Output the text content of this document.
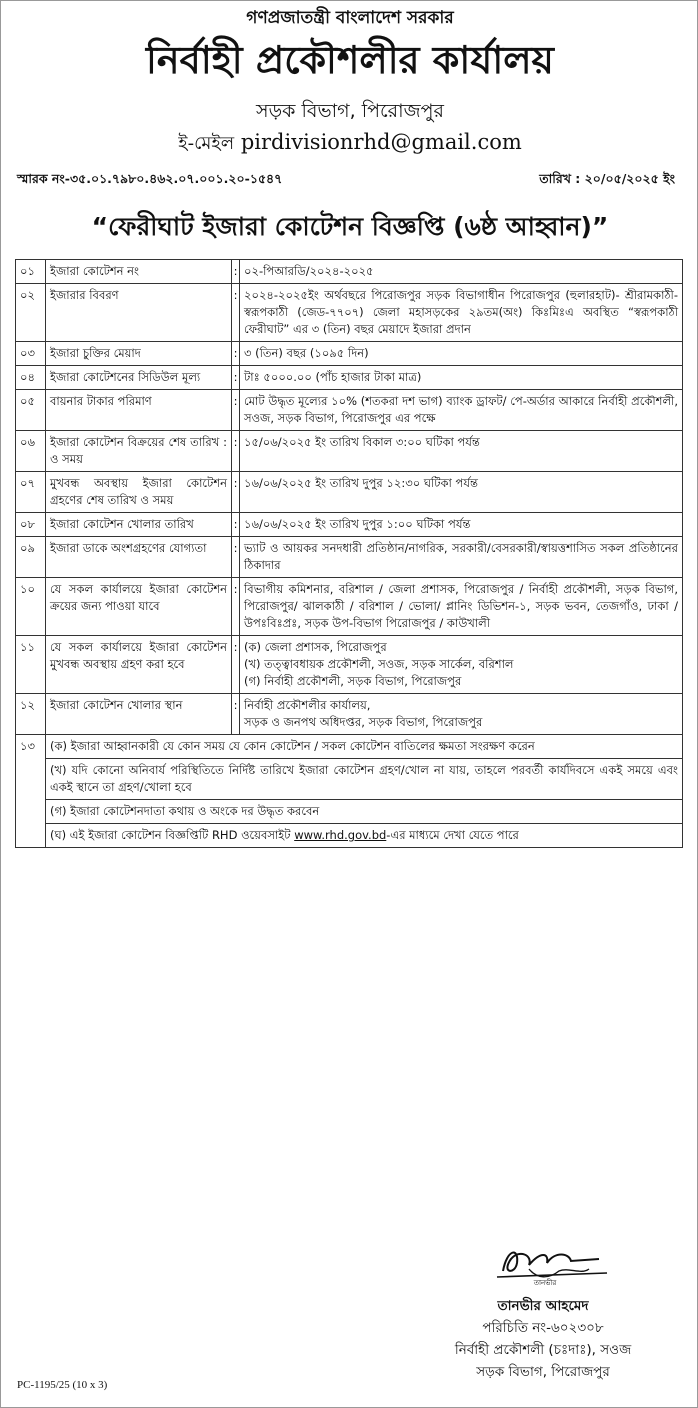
গণপ্রজাতন্ত্রী বাংলাদেশ সরকার
নির্বাহী প্রকৌশলীর কার্যালয়
সড়ক বিভাগ, পিরোজপুর
ই-মেইল pirdivisionrhd@gmail.com
স্মারক নং-৩৫.০১.৭৯৮০.৪৬২.০৭.০০১.২০-১৫৪৭	তারিখ : ২০/০৫/২০২৫ ইং
“ফেরীঘাট ইজারা কোটেশন বিজ্ঞপ্তি (৬ষ্ঠ আহ্বান)”
০১	ইজারা কোটেশন নং	:	০২-পিআরডি/২০২৪-২০২৫
০২	ইজারার বিবরণ	:	২০২৪-২০২৫ইং অর্থবছরে পিরোজপুর সড়ক বিভাগাধীন পিরোজপুর (হুলারহাট)- শ্রীরামকাঠী-স্বরূপকাঠী (জেড-৭৭০৭) জেলা মহাসড়কের ২৯তম(অং) কিঃমিঃএ অবস্থিত “স্বরূপকাঠী ফেরীঘাট” এর ৩ (তিন) বছর মেয়াদে ইজারা প্রদান
০৩	ইজারা চুক্তির মেয়াদ	:	৩ (তিন) বছর (১০৯৫ দিন)
০৪	ইজারা কোটেশনের সিডিউল মূল্য	:	টাঃ ৫০০০.০০ (পাঁচ হাজার টাকা মাত্র)
০৫	বায়নার টাকার পরিমাণ	:	মোট উদ্ধৃত মূল্যের ১০% (শতকরা দশ ভাগ) ব্যাংক ড্রাফট/ পে-অর্ডার আকারে নির্বাহী প্রকৌশলী, সওজ, সড়ক বিভাগ, পিরোজপুর এর পক্ষে
০৬	ইজারা কোটেশন বিক্রয়ের শেষ তারিখ : ও সময়	:	১৫/০৬/২০২৫ ইং তারিখ বিকাল ৩:০০ ঘটিকা পর্যন্ত
০৭	মুখবন্ধ অবস্থায় ইজারা কোটেশন গ্রহণের শেষ তারিখ ও সময়	:	১৬/০৬/২০২৫ ইং তারিখ দুপুর ১২:৩০ ঘটিকা পর্যন্ত
০৮	ইজারা কোটেশন খোলার তারিখ	:	১৬/০৬/২০২৫ ইং তারিখ দুপুর ১:০০ ঘটিকা পর্যন্ত
০৯	ইজারা ডাকে অংশগ্রহণের যোগ্যতা	:	ভ্যাট ও আয়কর সনদধারী প্রতিষ্ঠান/নাগরিক, সরকারী/বেসরকারী/স্বায়ত্তশাসিত সকল প্রতিষ্ঠানের ঠিকাদার
১০	যে সকল কার্যালয়ে ইজারা কোটেশন ক্রয়ের জন্য পাওয়া যাবে	:	বিভাগীয় কমিশনার, বরিশাল / জেলা প্রশাসক, পিরোজপুর / নির্বাহী প্রকৌশলী, সড়ক বিভাগ, পিরোজপুর/ ঝালকাঠী / বরিশাল / ভোলা/ প্লানিং ডিভিশন-১, সড়ক ভবন, তেজগাঁও, ঢাকা / উপঃবিঃপ্রঃ, সড়ক উপ-বিভাগ পিরোজপুর / কাউখালী
১১	যে সকল কার্যালয়ে ইজারা কোটেশন মুখবন্ধ অবস্থায় গ্রহণ করা হবে	:	(ক) জেলা প্রশাসক, পিরোজপুর
(খ) তত্ত্বাবধায়ক প্রকৌশলী, সওজ, সড়ক সার্কেল, বরিশাল
(গ) নির্বাহী প্রকৌশলী, সড়ক বিভাগ, পিরোজপুর

১২	ইজারা কোটেশন খোলার স্থান	:	নির্বাহী প্রকৌশলীর কার্যালয়,
সড়ক ও জনপথ অধিদপ্তর, সড়ক বিভাগ, পিরোজপুর

১৩	(ক) ইজারা আহ্বানকারী যে কোন সময় যে কোন কোটেশন / সকল কোটেশন বাতিলের ক্ষমতা সংরক্ষণ করেন		
	(খ) যদি কোনো অনিবার্য পরিস্থিতিতে নির্দিষ্ট তারিখে ইজারা কোটেশন গ্রহণ/খোল না যায়, তাহলে পরবর্তী কার্যদিবসে একই সময়ে এবং একই স্থানে তা গ্রহণ/খোলা হবে		
	(গ) ইজারা কোটেশনদাতা কথায় ও অংকে দর উদ্ধৃত করবেন		
	(ঘ) এই ইজারা কোটেশন বিজ্ঞপ্তিটি RHD ওয়েবসাইট www.rhd.gov.bd-এর মাধ্যমে দেখা যেতে পারে		
তানভীর
তানভীর আহমেদ
পরিচিতি নং-৬০২৩০৮
নির্বাহী প্রকৌশলী (চঃদাঃ), সওজ
সড়ক বিভাগ, পিরোজপুর
PC-1195/25 (10 x 3)
